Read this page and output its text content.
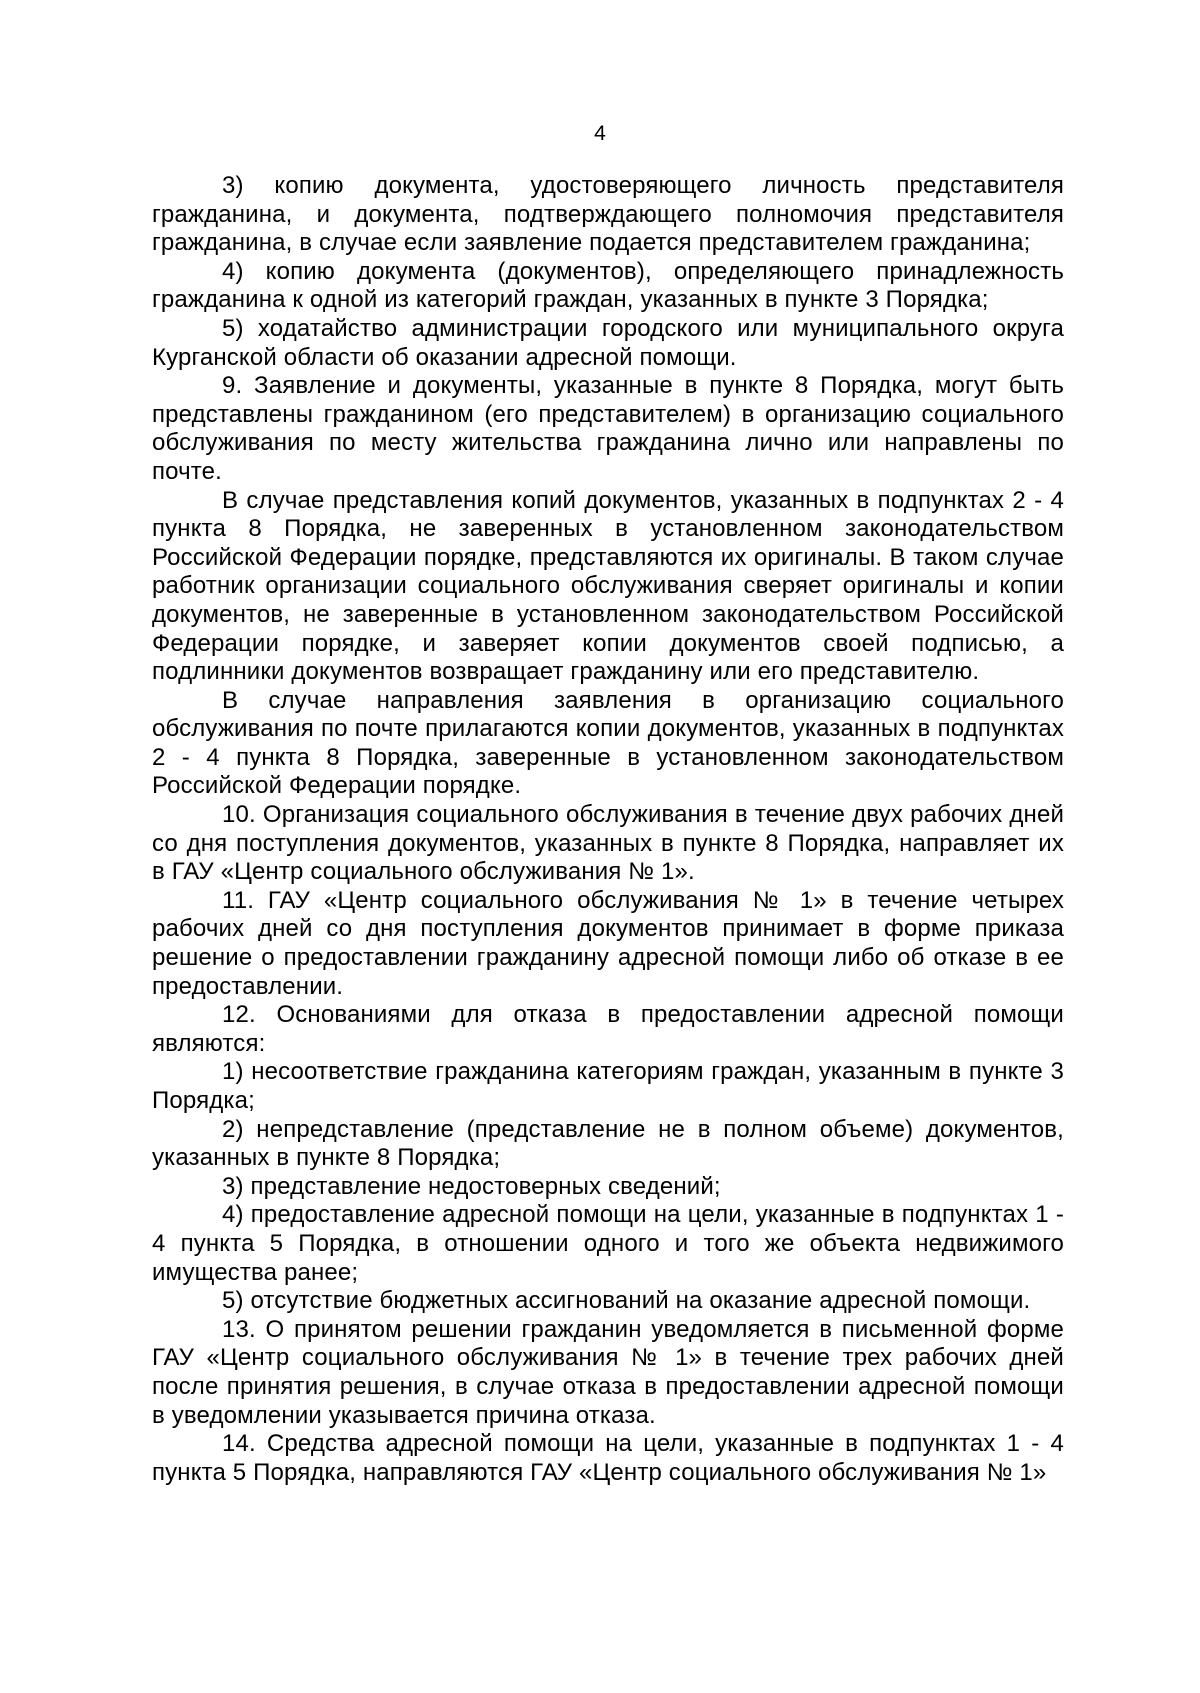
4

3) копию документа, удостоверяющего личность представителя гражданина, и документа, подтверждающего полномочия представителя гражданина, в случае если заявление подается представителем гражданина;

4) копию документа (документов), определяющего принадлежность гражданина к одной из категорий граждан, указанных в пункте 3 Порядка;

5) ходатайство администрации городского или муниципального округа Курганской области об оказании адресной помощи.

9. Заявление и документы, указанные в пункте 8 Порядка, могут быть представлены гражданином (его представителем) в организацию социального обслуживания по месту жительства гражданина лично или направлены по почте.

В случае представления копий документов, указанных в подпунктах 2 - 4 пункта 8 Порядка, не заверенных в установленном законодательством Российской Федерации порядке, представляются их оригиналы. В таком случае работник организации социального обслуживания сверяет оригиналы и копии документов, не заверенные в установленном законодательством Российской Федерации порядке, и заверяет копии документов своей подписью, а подлинники документов возвращает гражданину или его представителю.

В случае направления заявления в организацию социального обслуживания по почте прилагаются копии документов, указанных в подпунктах 2 - 4 пункта 8 Порядка, заверенные в установленном законодательством Российской Федерации порядке.

10. Организация социального обслуживания в течение двух рабочих дней со дня поступления документов, указанных в пункте 8 Порядка, направляет их в ГАУ «Центр социального обслуживания № 1».

11. ГАУ «Центр социального обслуживания № 1» в течение четырех рабочих дней со дня поступления документов принимает в форме приказа решение о предоставлении гражданину адресной помощи либо об отказе в ее предоставлении.

12. Основаниями для отказа в предоставлении адресной помощи являются:

1) несоответствие гражданина категориям граждан, указанным в пункте 3 Порядка;

2) непредставление (представление не в полном объеме) документов, указанных в пункте 8 Порядка;

3) представление недостоверных сведений;

4) предоставление адресной помощи на цели, указанные в подпунктах 1 - 4 пункта 5 Порядка, в отношении одного и того же объекта недвижимого имущества ранее;

5) отсутствие бюджетных ассигнований на оказание адресной помощи.

13. О принятом решении гражданин уведомляется в письменной форме ГАУ «Центр социального обслуживания № 1» в течение трех рабочих дней после принятия решения, в случае отказа в предоставлении адресной помощи в уведомлении указывается причина отказа.

14. Средства адресной помощи на цели, указанные в подпунктах 1 - 4 пункта 5 Порядка, направляются ГАУ «Центр социального обслуживания № 1»
